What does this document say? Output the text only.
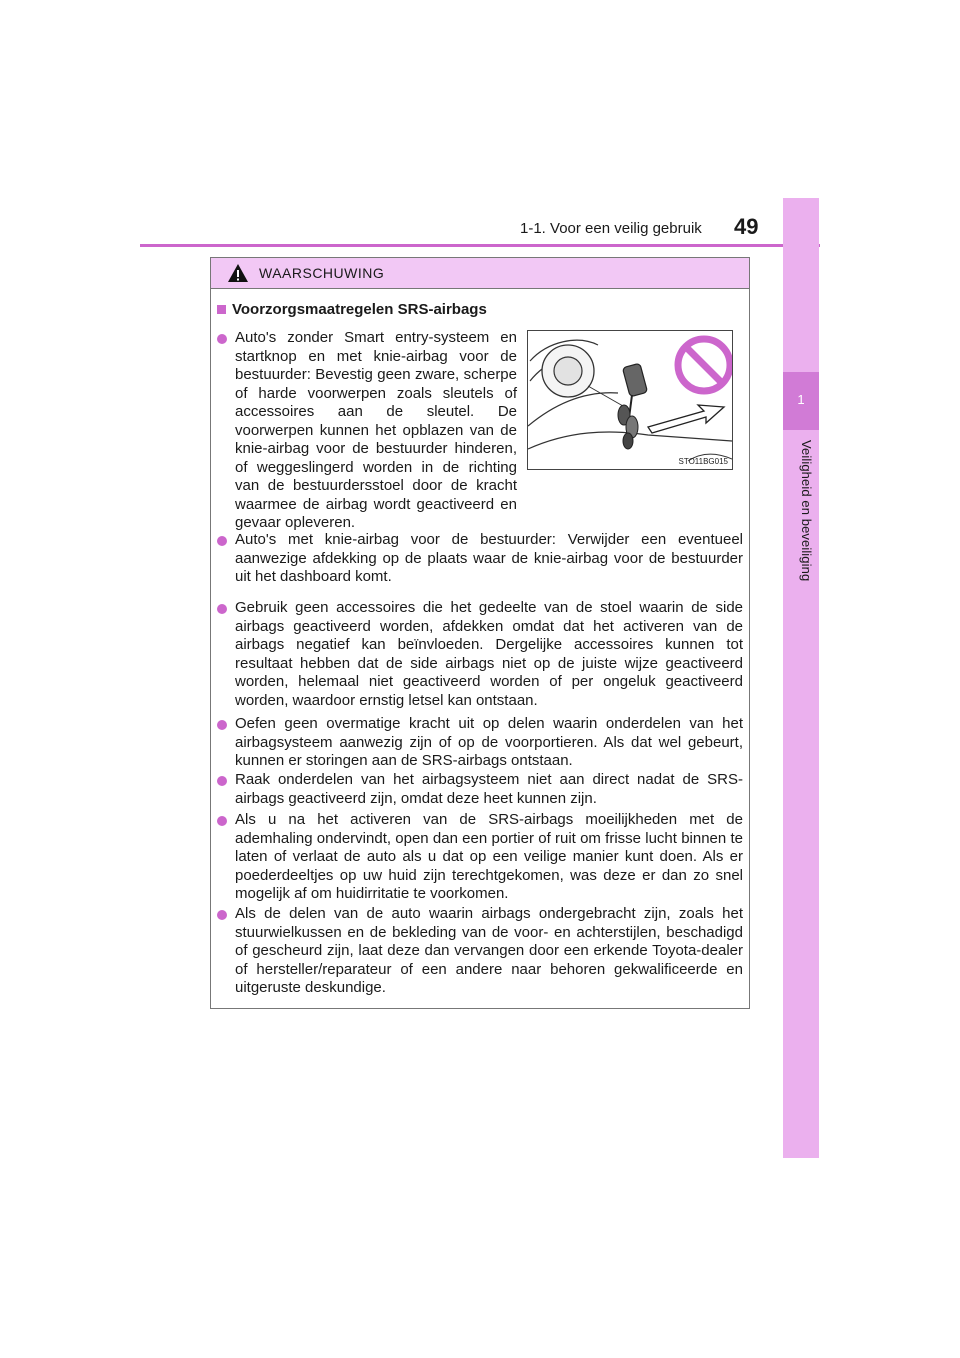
1-1. Voor een veilig gebruik 49
1
Veiligheid en beveiliging
WAARSCHUWING
Voorzorgsmaatregelen SRS-airbags
Auto's zonder Smart entry-systeem en startknop en met knie-airbag voor de bestuurder: Bevestig geen zware, scherpe of harde voorwerpen zoals sleutels of accessoires aan de sleutel. De voorwerpen kunnen het opblazen van de knie-airbag voor de bestuurder hinderen, of weggeslingerd worden in de richting van de bestuurdersstoel door de kracht waarmee de airbag wordt geactiveerd en gevaar opleveren.
STO11BG015
Auto's met knie-airbag voor de bestuurder: Verwijder een eventueel aanwezige afdekking op de plaats waar de knie-airbag voor de bestuurder uit het dashboard komt.
Gebruik geen accessoires die het gedeelte van de stoel waarin de side airbags geactiveerd worden, afdekken omdat dat het activeren van de airbags negatief kan beïnvloeden. Dergelijke accessoires kunnen tot resultaat hebben dat de side airbags niet op de juiste wijze geactiveerd worden, helemaal niet geactiveerd worden of per ongeluk geactiveerd worden, waardoor ernstig letsel kan ontstaan.
Oefen geen overmatige kracht uit op delen waarin onderdelen van het airbagsysteem aanwezig zijn of op de voorportieren. Als dat wel gebeurt, kunnen er storingen aan de SRS-airbags ontstaan.
Raak onderdelen van het airbagsysteem niet aan direct nadat de SRS-airbags geactiveerd zijn, omdat deze heet kunnen zijn.
Als u na het activeren van de SRS-airbags moeilijkheden met de ademhaling ondervindt, open dan een portier of ruit om frisse lucht binnen te laten of verlaat de auto als u dat op een veilige manier kunt doen. Als er poederdeeltjes op uw huid zijn terechtgekomen, was deze er dan zo snel mogelijk af om huidirritatie te voorkomen.
Als de delen van de auto waarin airbags ondergebracht zijn, zoals het stuurwielkussen en de bekleding van de voor- en achterstijlen, beschadigd of gescheurd zijn, laat deze dan vervangen door een erkende Toyota-dealer of hersteller/reparateur of een andere naar behoren gekwalificeerde en uitgeruste deskundige.
